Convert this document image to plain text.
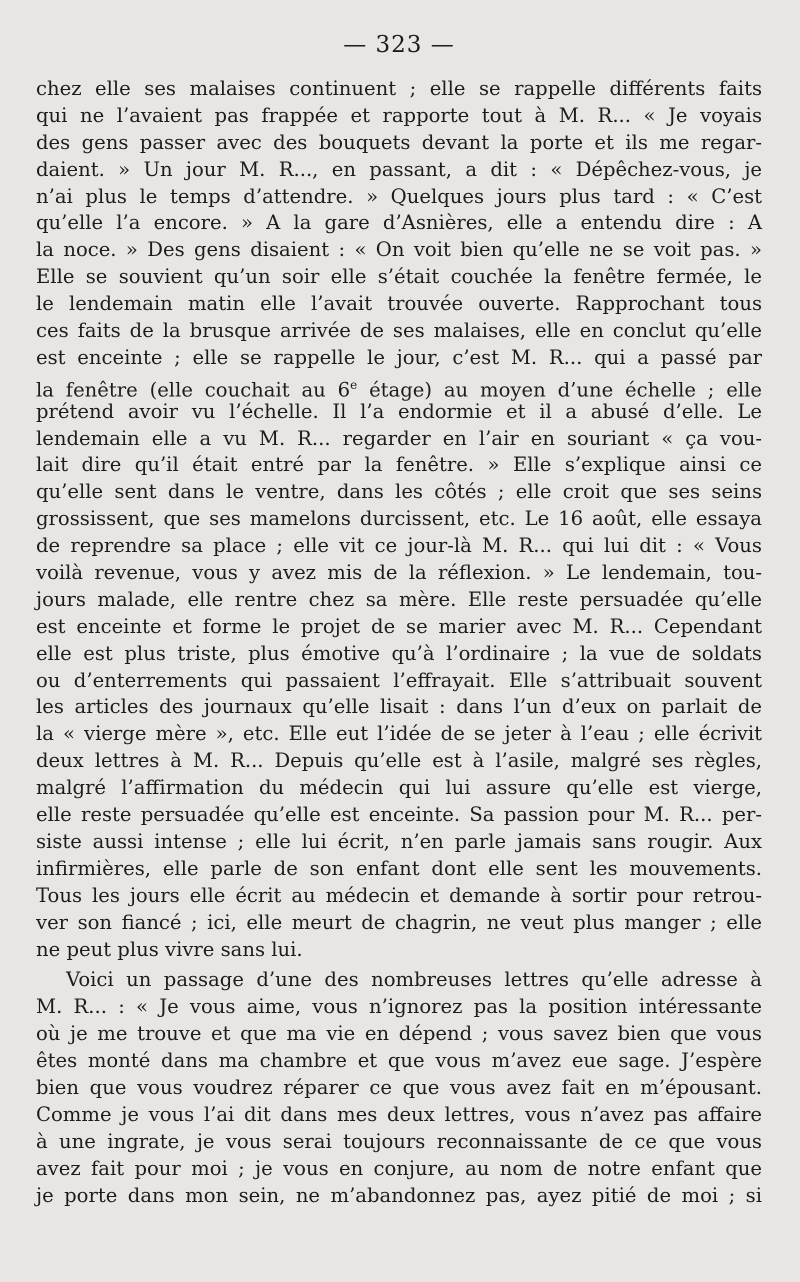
— 323 —
chez elle ses malaises continuent ; elle se rappelle différents faits
qui ne l’avaient pas frappée et rapporte tout à M. R... « Je voyais
des gens passer avec des bouquets devant la porte et ils me regar-
daient. » Un jour M. R..., en passant, a dit : « Dépêchez-vous, je
n’ai plus le temps d’attendre. » Quelques jours plus tard : « C’est
qu’elle l’a encore. » A la gare d’Asnières, elle a entendu dire : A
la noce. » Des gens disaient : « On voit bien qu’elle ne se voit pas. »
Elle se souvient qu’un soir elle s’était couchée la fenêtre fermée, le
le lendemain matin elle l’avait trouvée ouverte. Rapprochant tous
ces faits de la brusque arrivée de ses malaises, elle en conclut qu’elle
est enceinte ; elle se rappelle le jour, c’est M. R... qui a passé par
la fenêtre (elle couchait au 6e étage) au moyen d’une échelle ; elle
prétend avoir vu l’échelle. Il l’a endormie et il a abusé d’elle. Le
lendemain elle a vu M. R... regarder en l’air en souriant « ça vou-
lait dire qu’il était entré par la fenêtre. » Elle s’explique ainsi ce
qu’elle sent dans le ventre, dans les côtés ; elle croit que ses seins
grossissent, que ses mamelons durcissent, etc. Le 16 août, elle essaya
de reprendre sa place ; elle vit ce jour-là M. R... qui lui dit : « Vous
voilà revenue, vous y avez mis de la réflexion. » Le lendemain, tou-
jours malade, elle rentre chez sa mère. Elle reste persuadée qu’elle
est enceinte et forme le projet de se marier avec M. R... Cependant
elle est plus triste, plus émotive qu’à l’ordinaire ; la vue de soldats
ou d’enterrements qui passaient l’effrayait. Elle s’attribuait souvent
les articles des journaux qu’elle lisait : dans l’un d’eux on parlait de
la « vierge mère », etc. Elle eut l’idée de se jeter à l’eau ; elle écrivit
deux lettres à M. R... Depuis qu’elle est à l’asile, malgré ses règles,
malgré l’affirmation du médecin qui lui assure qu’elle est vierge,
elle reste persuadée qu’elle est enceinte. Sa passion pour M. R... per-
siste aussi intense ; elle lui écrit, n’en parle jamais sans rougir. Aux
infirmières, elle parle de son enfant dont elle sent les mouvements.
Tous les jours elle écrit au médecin et demande à sortir pour retrou-
ver son fiancé ; ici, elle meurt de chagrin, ne veut plus manger ; elle
ne peut plus vivre sans lui.
Voici un passage d’une des nombreuses lettres qu’elle adresse à
M. R... : « Je vous aime, vous n’ignorez pas la position intéressante
où je me trouve et que ma vie en dépend ; vous savez bien que vous
êtes monté dans ma chambre et que vous m’avez eue sage. J’espère
bien que vous voudrez réparer ce que vous avez fait en m’épousant.
Comme je vous l’ai dit dans mes deux lettres, vous n’avez pas affaire
à une ingrate, je vous serai toujours reconnaissante de ce que vous
avez fait pour moi ; je vous en conjure, au nom de notre enfant que
je porte dans mon sein, ne m’abandonnez pas, ayez pitié de moi ; si
